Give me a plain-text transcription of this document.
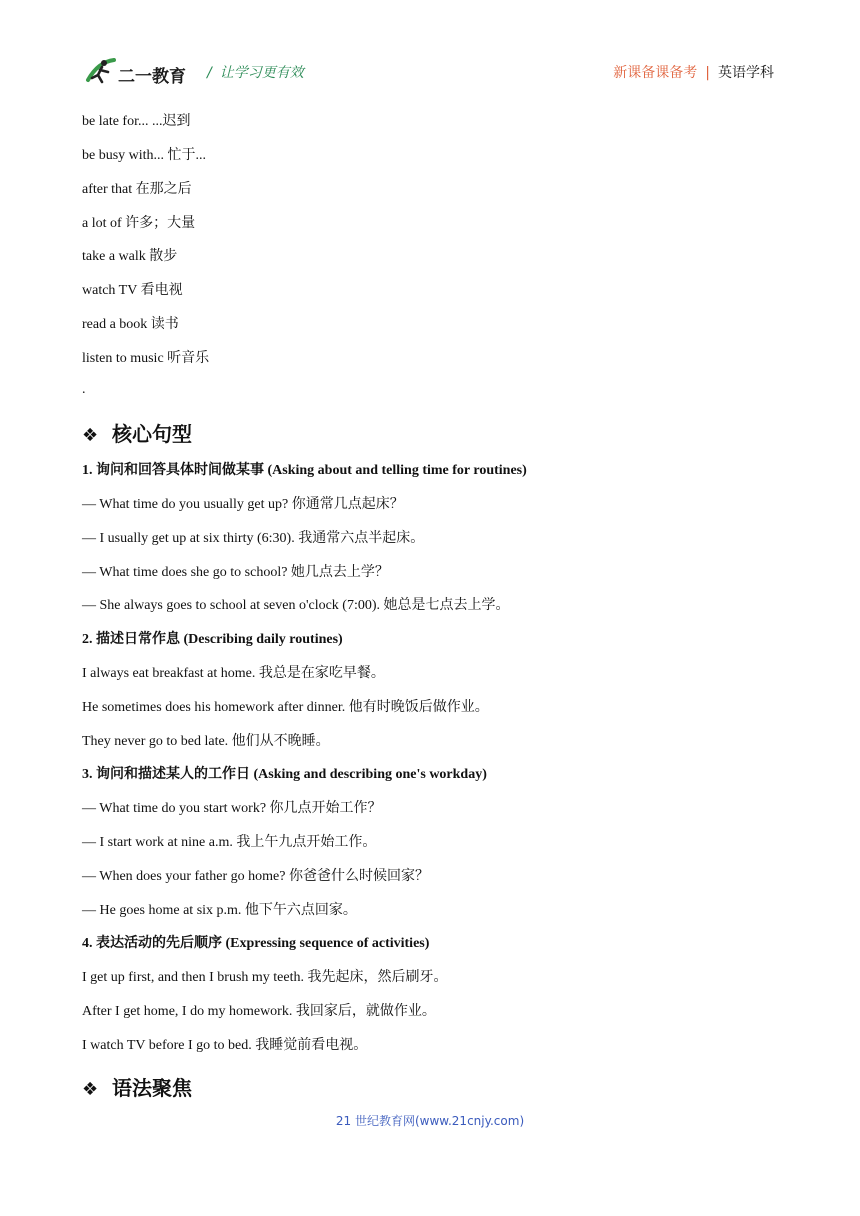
二一教育 / 让学习更有效	新课备课备考 | 英语学科
be late for... ...迟到
be busy with... 忙于...
after that 在那之后
a lot of 许多；大量
take a walk 散步
watch TV 看电视
read a book 读书
listen to music 听音乐
.
❖ 核心句型
1. 询问和回答具体时间做某事 (Asking about and telling time for routines)
— What time do you usually get up? 你通常几点起床？
— I usually get up at six thirty (6:30). 我通常六点半起床。
— What time does she go to school? 她几点去上学？
— She always goes to school at seven o'clock (7:00). 她总是七点去上学。
2. 描述日常作息 (Describing daily routines)
I always eat breakfast at home. 我总是在家吃早餐。
He sometimes does his homework after dinner. 他有时晚饭后做作业。
They never go to bed late. 他们从不晚睡。
3. 询问和描述某人的工作日 (Asking and describing one's workday)
— What time do you start work? 你几点开始工作？
— I start work at nine a.m. 我上午九点开始工作。
— When does your father go home? 你爸爸什么时候回家？
— He goes home at six p.m. 他下午六点回家。
4. 表达活动的先后顺序 (Expressing sequence of activities)
I get up first, and then I brush my teeth. 我先起床，然后刷牙。
After I get home, I do my homework. 我回家后，就做作业。
I watch TV before I go to bed. 我睡觉前看电视。
❖ 语法聚焦
21 世纪教育网(www.21cnjy.com)
